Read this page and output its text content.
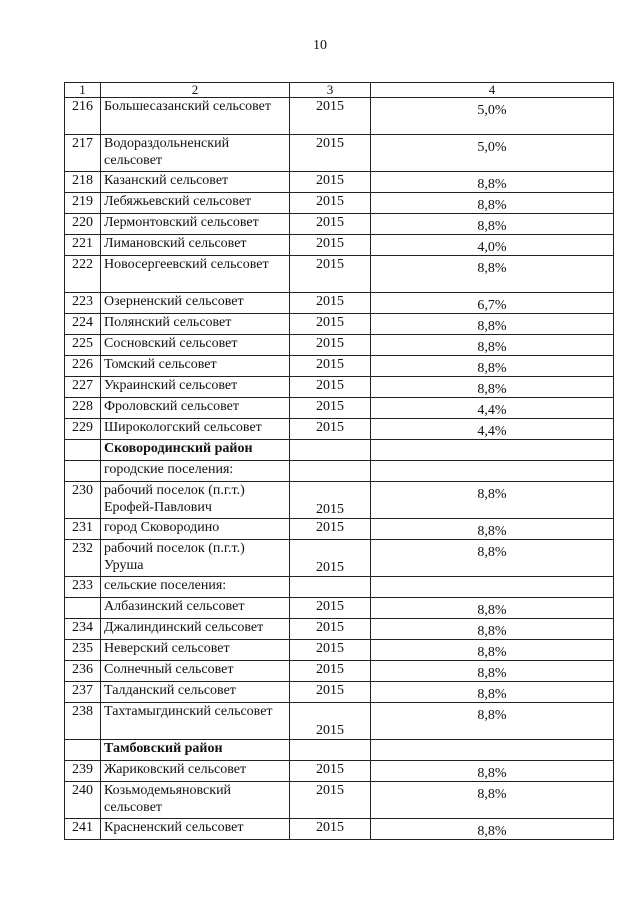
10
1	2	3	4
216	Большесазанский сельсовет	2015	5,0%
217	Водораздольненский сельсовет	2015	5,0%
218	Казанский сельсовет	2015	8,8%
219	Лебяжьевский сельсовет	2015	8,8%
220	Лермонтовский сельсовет	2015	8,8%
221	Лимановский сельсовет	2015	4,0%
222	Новосергеевский сельсовет	2015	8,8%
223	Озерненский сельсовет	2015	6,7%
224	Полянский сельсовет	2015	8,8%
225	Сосновский сельсовет	2015	8,8%
226	Томский сельсовет	2015	8,8%
227	Украинский сельсовет	2015	8,8%
228	Фроловский сельсовет	2015	4,4%
229	Широкологский сельсовет	2015	4,4%
	Сковородинский район		
	городские поселения:		
230	рабочий поселок (п.г.т.) Ерофей-Павлович	2015	8,8%
231	город Сковородино	2015	8,8%
232	рабочий поселок (п.г.т.) Уруша	2015	8,8%
233	сельские поселения:		
	Албазинский сельсовет	2015	8,8%
234	Джалиндинский сельсовет	2015	8,8%
235	Неверский сельсовет	2015	8,8%
236	Солнечный сельсовет	2015	8,8%
237	Талданский сельсовет	2015	8,8%
238	Тахтамыгдинский сельсовет	2015	8,8%
	Тамбовский район		
239	Жариковский сельсовет	2015	8,8%
240	Козьмодемьяновский сельсовет	2015	8,8%
241	Красненский сельсовет	2015	8,8%
